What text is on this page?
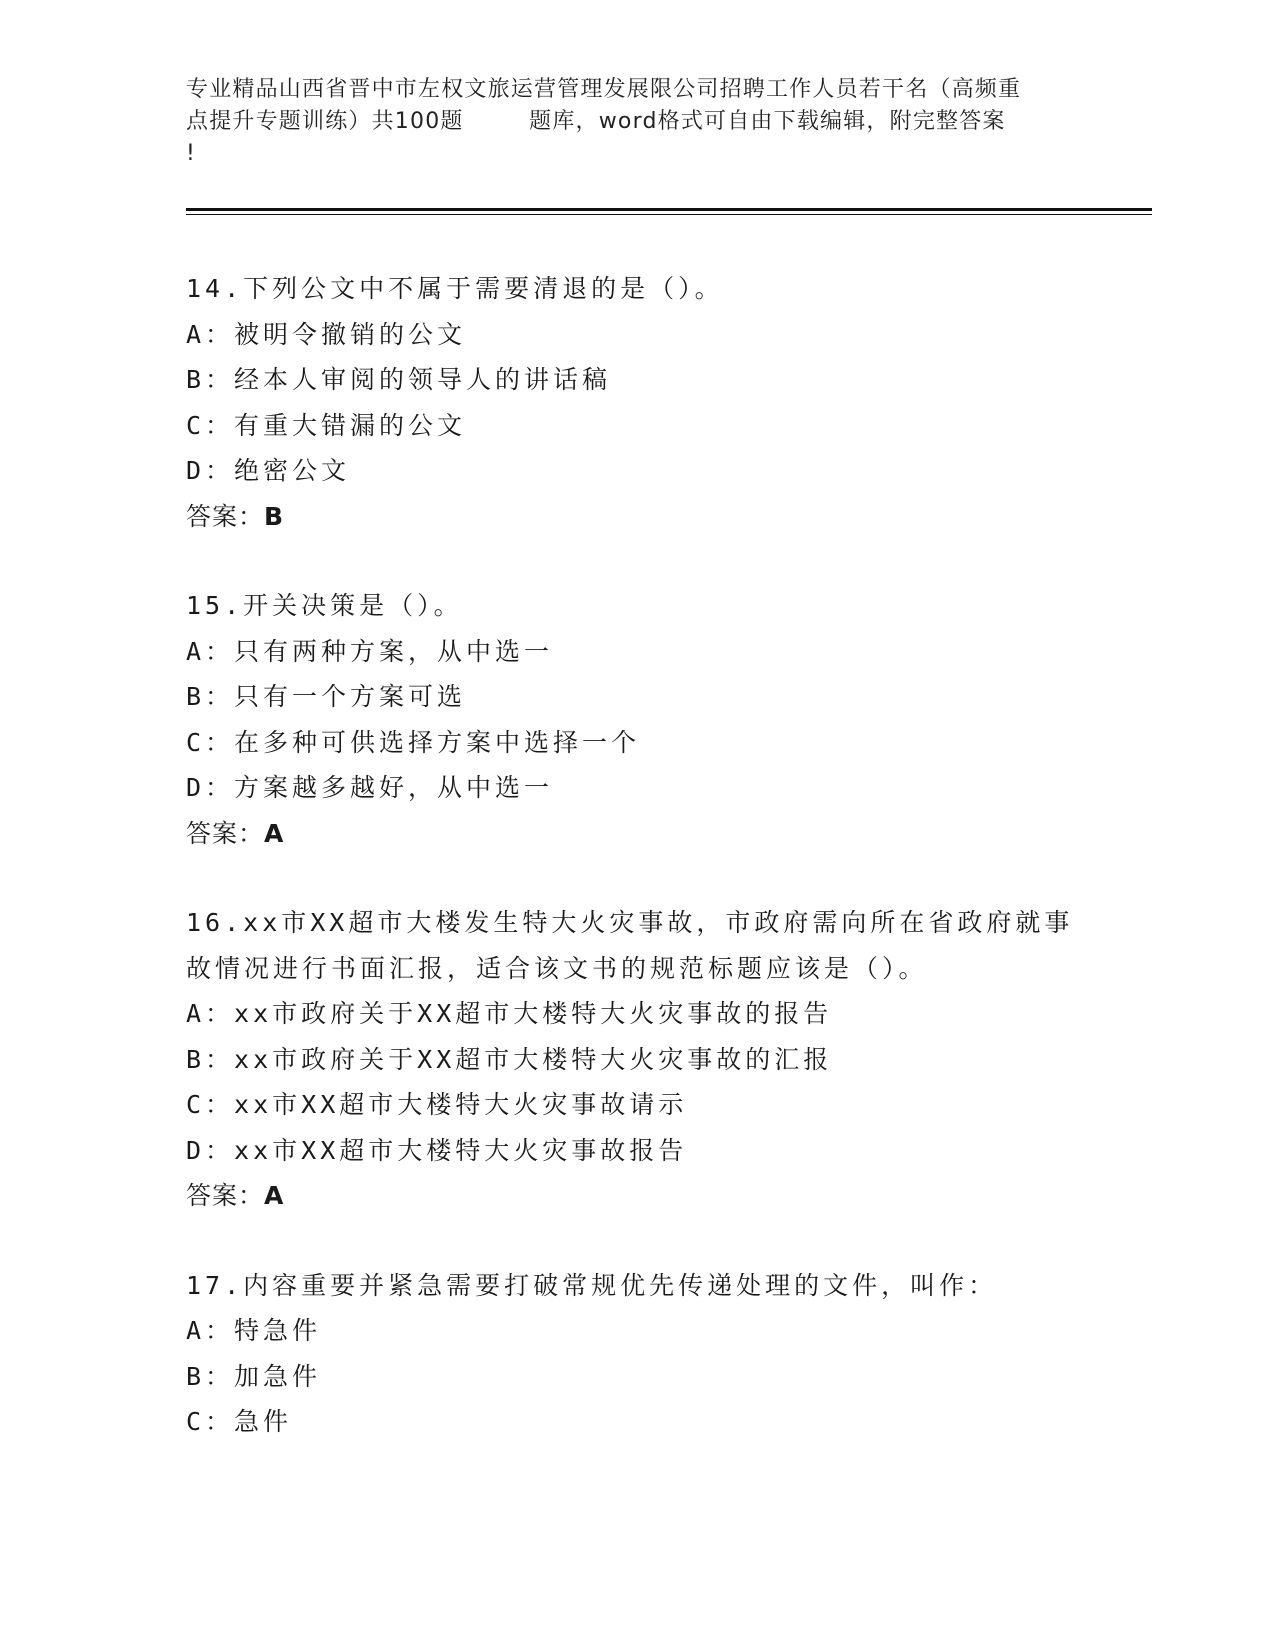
专业精品山西省晋中市左权文旅运营管理发展限公司招聘工作人员若干名（高频重
点提升专题训练）共100题        题库，word格式可自由下载编辑，附完整答案
!
14.下列公文中不属于需要清退的是（）。
A：被明令撤销的公文
B：经本人审阅的领导人的讲话稿
C：有重大错漏的公文
D：绝密公文
答案：B
15.开关决策是（）。
A：只有两种方案，从中选一
B：只有一个方案可选
C：在多种可供选择方案中选择一个
D：方案越多越好，从中选一
答案：A
16.xx市XX超市大楼发生特大火灾事故，市政府需向所在省政府就事
故情况进行书面汇报，适合该文书的规范标题应该是（）。
A：xx市政府关于XX超市大楼特大火灾事故的报告
B：xx市政府关于XX超市大楼特大火灾事故的汇报
C：xx市XX超市大楼特大火灾事故请示
D：xx市XX超市大楼特大火灾事故报告
答案：A
17.内容重要并紧急需要打破常规优先传递处理的文件，叫作：
A：特急件
B：加急件
C：急件
